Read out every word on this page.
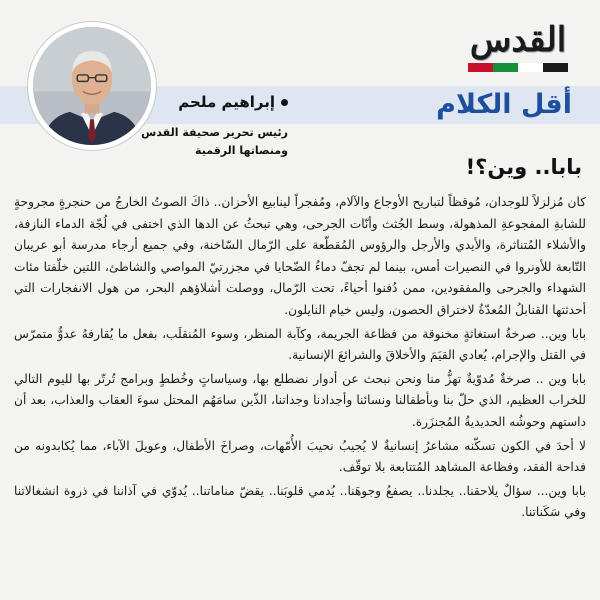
القدس
أقل الكلام
إبراهيم ملحم
رئيس تحرير صحيفة القدس
ومنصاتها الرقمية
بابا.. وين؟!

كان مُزلزلاً للوجدان، مُوقظاً لتباريح الأوجاع والآلام، ومُفجراً لينابيع الأحزان.. ذاكَ الصوتُ الخارجُ من حنجرةٍ مجروحةٍ للشابةِ المفجوعةِ المذهولة، وسط الجُثث وأنّات الجرحى، وهي تبحثُ عن الدها الذي اختفى في لُجّة الدماء النازفة، والأشلاء المُتناثرة، والأيدي والأرجل والرؤوس المُقطّعة على الرّمال السّاخنة، وفي جميع أرجاء مدرسة أبو عريبان التّابعة للأونروا في النصيرات أمس، بينما لم تجفّ دماءُ الضّحايا في مجزرتيّ المواصي والشاطئ، اللتين خلّفتا مئات الشهداء والجرحى والمفقودين، ممن دُفنوا أحياءً، تحت الرّمال، ووصلت أشلاؤهم البحر، من هول الانفجارات التي أحدثتها القنابلُ المُعدّةُ لاختراق الحصون، وليس خيام النايلون.

بابا وين.. صرخةُ استغاثةٍ مخنوقة من فظاعة الجريمة، وكآبة المنظر، وسوء المُنقلَب، بفعل ما يُقارفهُ عدوٌّ متمرّس في القتل والإجرام، يُعادي القيَمَ والأخلاقَ والشرائعَ الإنسانية.

بابا وين .. صرخةٌ مُدوّيةٌ تهزُّ منا ونحن نبحث عن أدوار نضطلع بها، وسياساتٍ وخُططٍ وبرامج تُرتّر بها لليوم التالي للخراب العظيم، الذي حلّ بنا وبأطفالنا ونسائنا وأجدادنا وجداتنا، الذّين سامَهُم المحتل سوءَ العقاب والعذاب، بعد أن داستهم وحوشُه الحديديةُ المُجنزَرة.

لا أحدَ في الكون تسكّنه مشاعرُ إنسانيةٌ لا يُجيبُ نحيبَ الأُمّهات، وصراخَ الأطفال، وعويلَ الآباء، مما يُكابدونه من فداحة الفقد، وفظاعة المشاهد المُتتابعة بلا توقّف.

بابا وين... سؤالٌ يلاحقنا.. يجلدنا.. يصفعُ وجوهَنا.. يُدمي قلوبَنا.. يقضّ مناماتنا.. يُدوّي في آذاننا في ذروة انشغالاتنا وفي سَكَناتنا.
